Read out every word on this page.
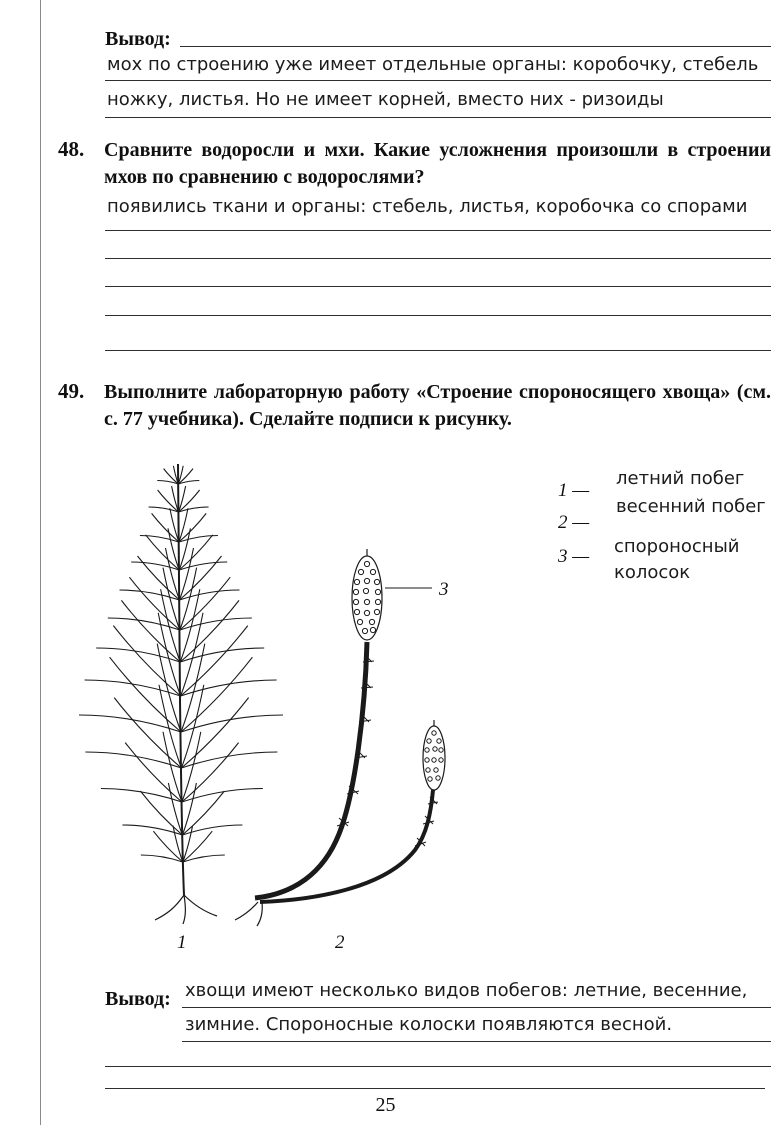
Вывод:
мох по строению уже имеет отдельные органы: коробочку, стебель
ножку, листья. Но не имеет корней, вместо них - ризоиды
48. Сравните водоросли и мхи. Какие усложнения произошли в строении мхов по сравнению с водорослями?
появились ткани и органы: стебель, листья, коробочка со спорами
49. Выполните лабораторную работу «Строение спороносящего хвоща» (см. с. 77 учебника). Сделайте подписи к рисунку.
3
1	2
1 —
2 —
3 —
летний побег
весенний побег
спороносный колосок
Вывод: хвощи имеют несколько видов побегов: летние, весенние,
зимние. Спороносные колоски появляются весной.
25
